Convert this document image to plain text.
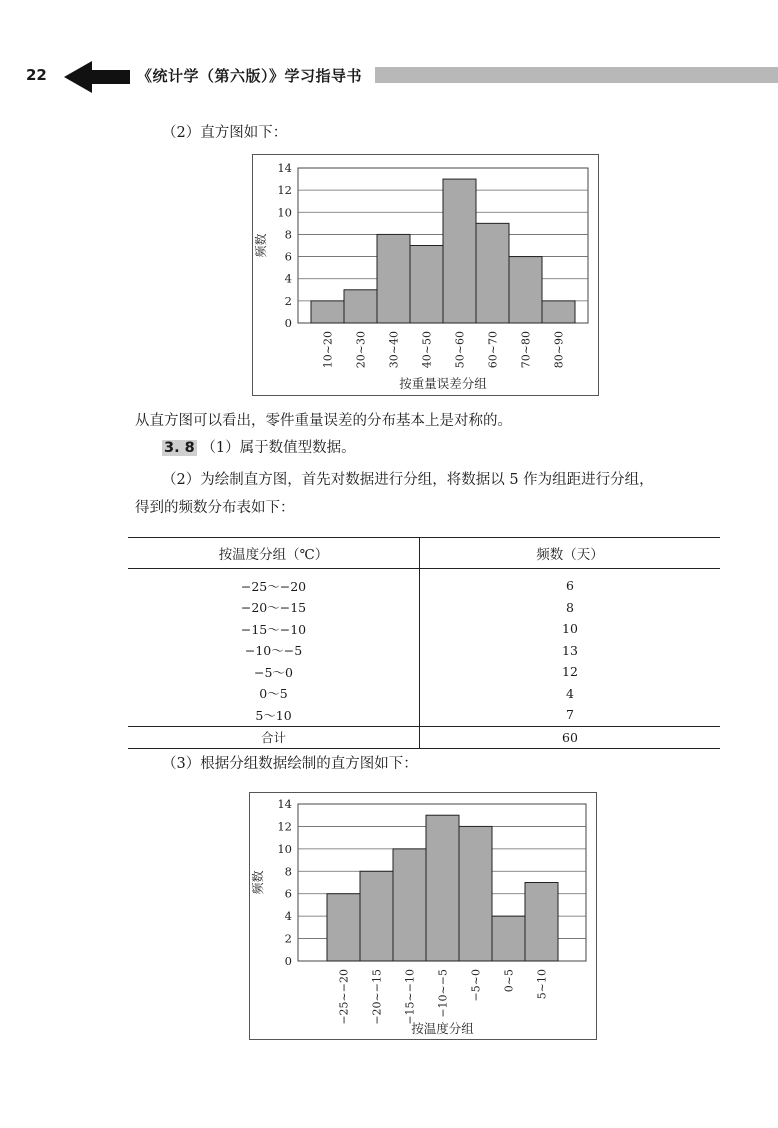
22	《统计学（第六版）》学习指导书
（2）直方图如下：
0
2
4
6
8
10
12
14
10~20 20~30 30~40 40~50 50~60 60~70 70~80 80~90
频数
按重量误差分组
从直方图可以看出，零件重量误差的分布基本上是对称的。
3. 8 （1）属于数值型数据。
（2）为绘制直方图，首先对数据进行分组，将数据以 5 作为组距进行分组，
得到的频数分布表如下：
按温度分组（℃）	频数（天）
−25～−20	6
−20～−15	8
−15～−10	10
−10～−5	13
−5～0	12
0～5	4
5～10	7
合计	60
（3）根据分组数据绘制的直方图如下：
0
2
4
6
8
10
12
14
−25~−20 −20~−15 −15~−10 −10~−5 −5~0 0~5 5~10
频数
按温度分组
